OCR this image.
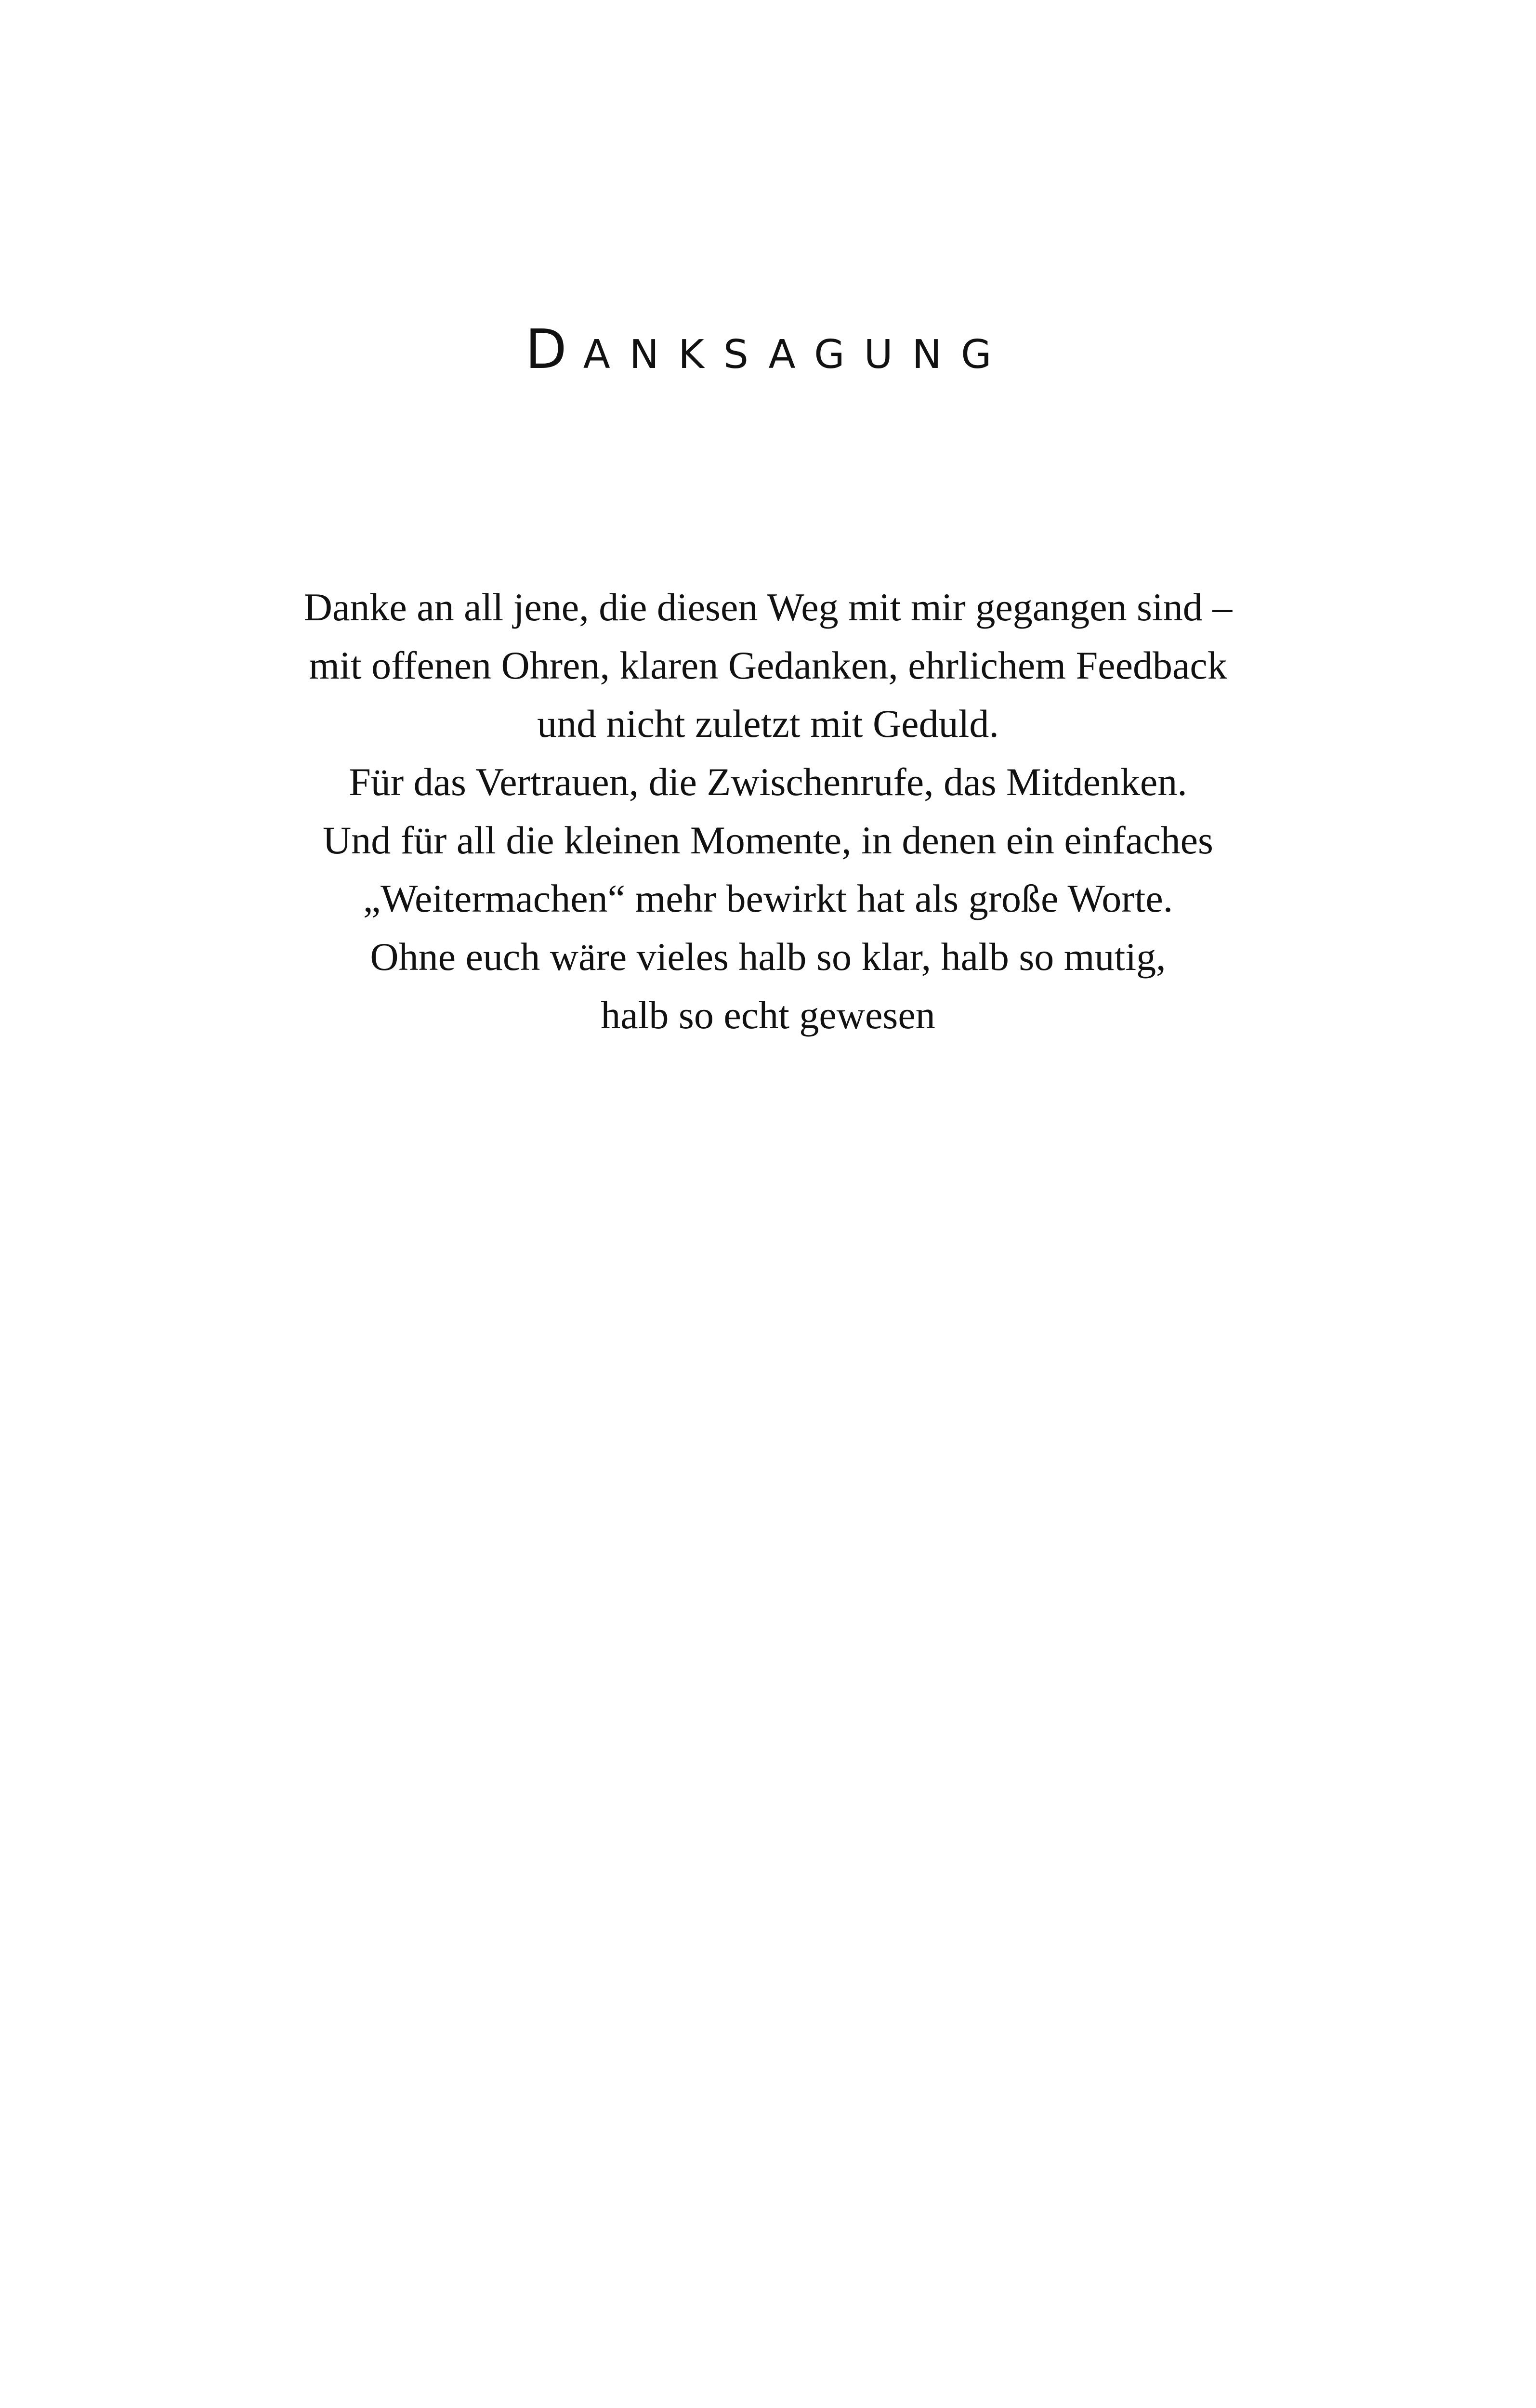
DANKSAGUNG
Danke an all jene, die diesen Weg mit mir gegangen sind –
mit offenen Ohren, klaren Gedanken, ehrlichem Feedback
und nicht zuletzt mit Geduld.
Für das Vertrauen, die Zwischenrufe, das Mitdenken.
Und für all die kleinen Momente, in denen ein einfaches
„Weitermachen“ mehr bewirkt hat als große Worte.
Ohne euch wäre vieles halb so klar, halb so mutig,
halb so echt gewesen
